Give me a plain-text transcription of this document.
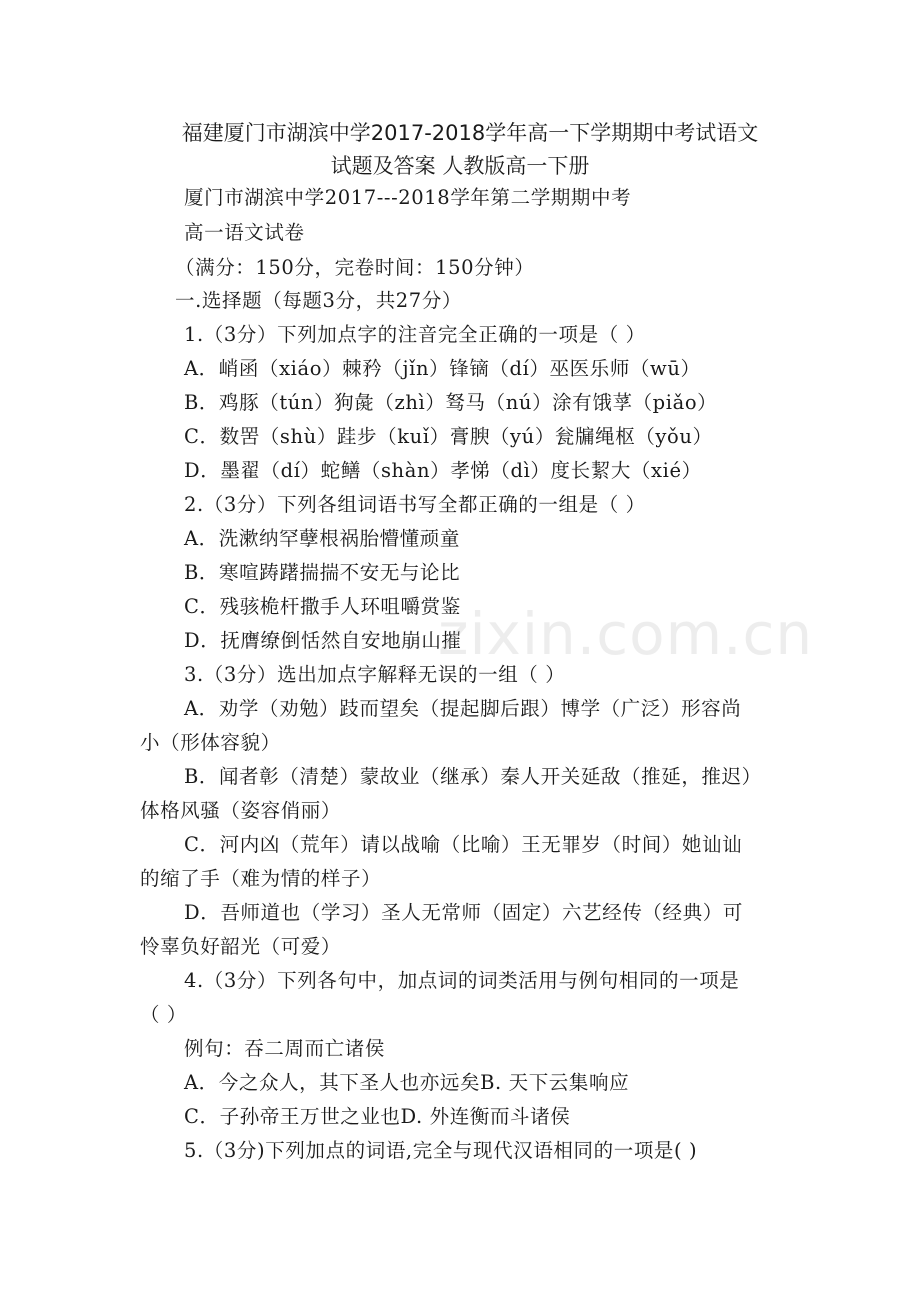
福建厦门市湖滨中学2017-2018学年高一下学期期中考试语文
试题及答案 人教版高一下册
厦门市湖滨中学2017---2018学年第二学期期中考
高一语文试卷
（满分：150分，完卷时间：150分钟）
一.选择题（每题3分，共27分）
1.（3分）下列加点字的注音完全正确的一项是（ ）
A．峭函（xiáo）棘矜（jǐn）锋镝（dí）巫医乐师（wū）
B．鸡豚（tún）狗彘（zhì）驽马（nú）涂有饿莩（piǎo）
C．数罟（shù）跬步（kuǐ）膏腴（yú）瓮牖绳枢（yǒu）
D．墨翟（dí）蛇鳝（shàn）孝悌（dì）度长絜大（xié）
2.（3分）下列各组词语书写全都正确的一组是（ ）
A．洗漱纳罕孽根祸胎懵懂顽童
B．寒喧踌躇揣揣不安无与论比
C．残骇桅杆撒手人环咀嚼赏鉴
D．抚膺缭倒恬然自安地崩山摧
3.（3分）选出加点字解释无误的一组（ ）
A．劝学（劝勉）跂而望矣（提起脚后跟）博学（广泛）形容尚
小（形体容貌）
B．闻者彰（清楚）蒙故业（继承）秦人开关延敌（推延，推迟）
体格风骚（姿容俏丽）
C．河内凶（荒年）请以战喻（比喻）王无罪岁（时间）她讪讪
的缩了手（难为情的样子）
D．吾师道也（学习）圣人无常师（固定）六艺经传（经典）可
怜辜负好韶光（可爱）
4.（3分）下列各句中，加点词的词类活用与例句相同的一项是
（ ）
例句：吞二周而亡诸侯
A．今之众人，其下圣人也亦远矣B. 天下云集响应
C．子孙帝王万世之业也D. 外连衡而斗诸侯
5.（3分)下列加点的词语,完全与现代汉语相同的一项是( )
zixin.com.cn
